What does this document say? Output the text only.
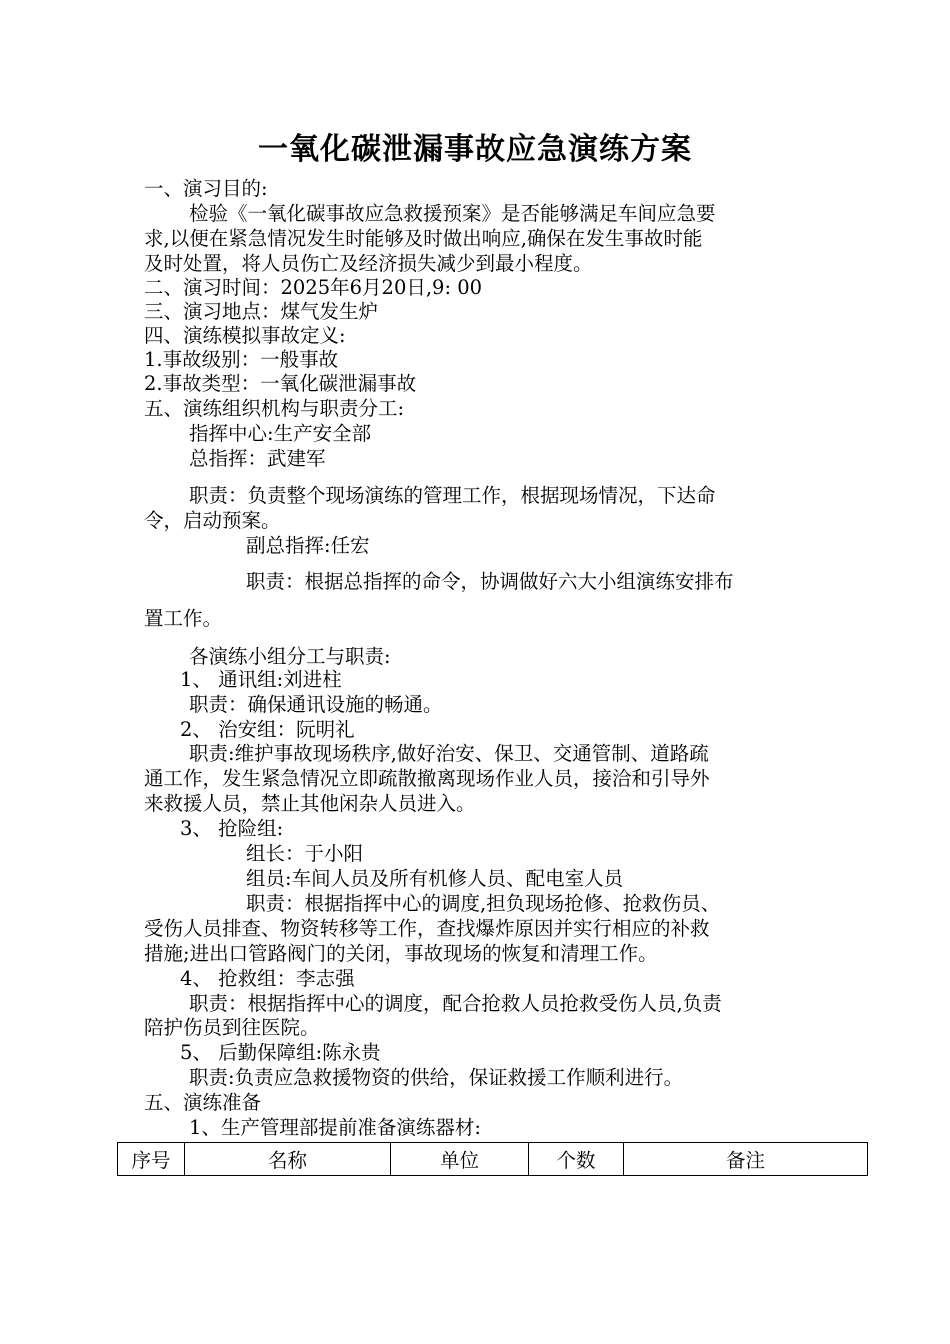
一氧化碳泄漏事故应急演练方案
一、演习目的:
检验《一氧化碳事故应急救援预案》是否能够满足车间应急要
求,以便在紧急情况发生时能够及时做出响应,确保在发生事故时能
及时处置，将人员伤亡及经济损失减少到最小程度。
二、演习时间：2025年6月20日,9: 00
三、演习地点：煤气发生炉
四、演练模拟事故定义:
1.事故级别：一般事故
2.事故类型：一氧化碳泄漏事故
五、演练组织机构与职责分工:
指挥中心:生产安全部
总指挥：武建军
职责：负责整个现场演练的管理工作，根据现场情况，下达命
令，启动预案。
副总指挥:任宏
职责：根据总指挥的命令，协调做好六大小组演练安排布
置工作。
各演练小组分工与职责:
1、 通讯组:刘进柱
职责：确保通讯设施的畅通。
2、 治安组：阮明礼
职责:维护事故现场秩序,做好治安、保卫、交通管制、道路疏
通工作，发生紧急情况立即疏散撤离现场作业人员，接洽和引导外
来救援人员，禁止其他闲杂人员进入。
3、 抢险组:
组长：于小阳
组员:车间人员及所有机修人员、配电室人员
职责：根据指挥中心的调度,担负现场抢修、抢救伤员、
受伤人员排查、物资转移等工作，查找爆炸原因并实行相应的补救
措施;进出口管路阀门的关闭，事故现场的恢复和清理工作。
4、 抢救组：李志强
职责：根据指挥中心的调度，配合抢救人员抢救受伤人员,负责
陪护伤员到往医院。
5、 后勤保障组:陈永贵
职责:负责应急救援物资的供给，保证救援工作顺利进行。
五、演练准备
1、生产管理部提前准备演练器材:
序号	名称	单位	个数	备注
